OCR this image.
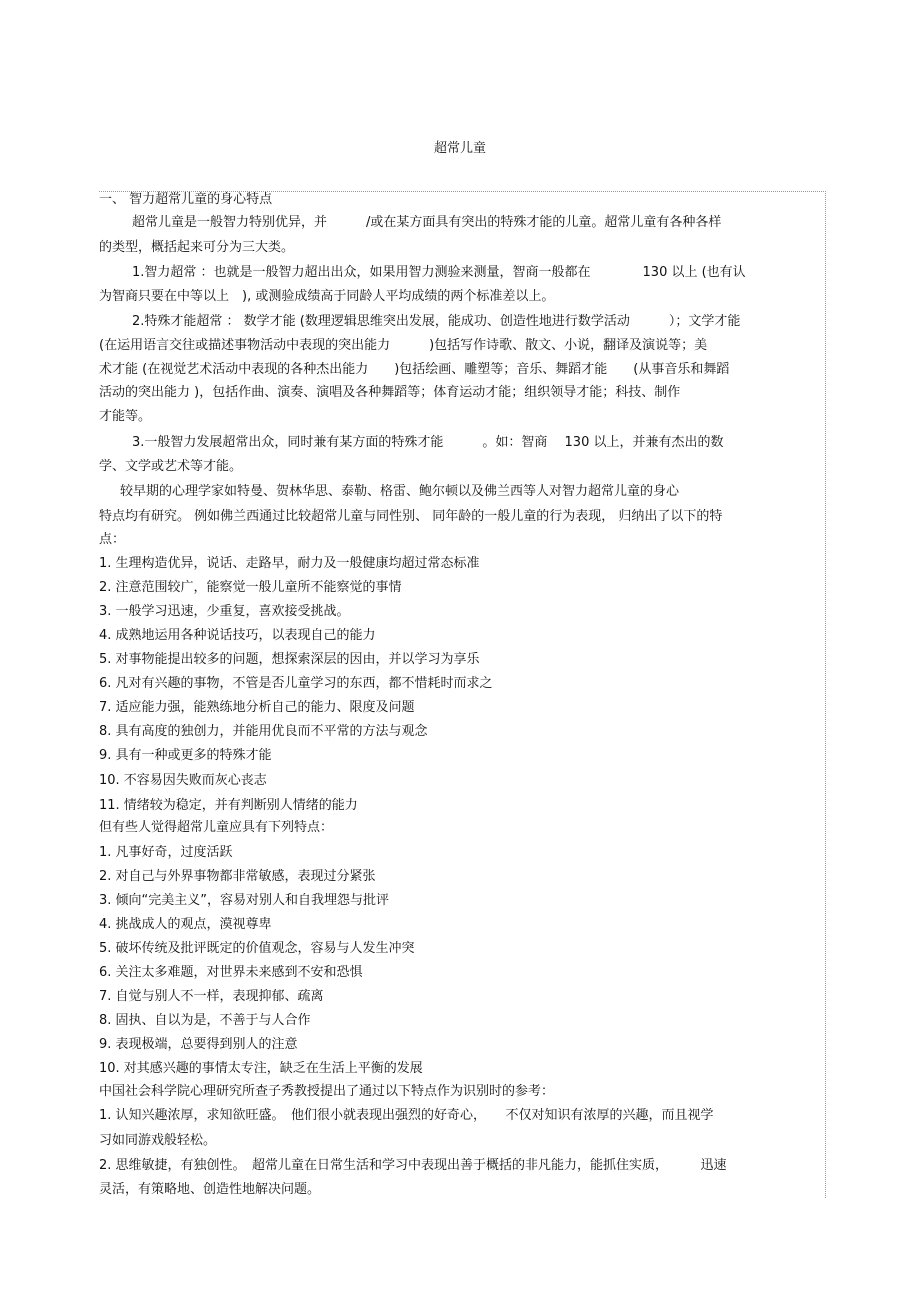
超常儿童
一、 智力超常儿童的身心特点
超常儿童是一般智力特别优异，并　　　/或在某方面具有突出的特殊才能的儿童。超常儿童有各种各样
的类型，概括起来可分为三大类。
1.智力超常 ：也就是一般智力超出出众，如果用智力测验来测量，智商一般都在　　　　130 以上 (也有认
为智商只要在中等以上　), 或测验成绩高于同龄人平均成绩的两个标准差以上。
2.特殊才能超常 ： 数学才能 (数理逻辑思维突出发展，能成功、创造性地进行数学活动　　　）；文学才能
(在运用语言交往或描述事物活动中表现的突出能力　　　)包括写作诗歌、散文、小说，翻译及演说等；美
术才能 (在视觉艺术活动中表现的各种杰出能力　　)包括绘画、雕塑等；音乐、舞蹈才能　　(从事音乐和舞蹈
活动的突出能力 )，包括作曲、演奏、演唱及各种舞蹈等；体育运动才能；组织领导才能；科技、制作
才能等。
3.一般智力发展超常出众，同时兼有某方面的特殊才能　　　。如：智商　 130 以上，并兼有杰出的数
学、文学或艺术等才能。
较早期的心理学家如特曼、贺林华思、泰勒、格雷、鲍尔顿以及佛兰西等人对智力超常儿童的身心
特点均有研究。 例如佛兰西通过比较超常儿童与同性别、 同年龄的一般儿童的行为表现， 归纳出了以下的特
点：
1. 生理构造优异，说话、走路早，耐力及一般健康均超过常态标准
2. 注意范围较广，能察觉一般儿童所不能察觉的事情
3. 一般学习迅速，少重复，喜欢接受挑战。
4. 成熟地运用各种说话技巧，以表现自己的能力
5. 对事物能提出较多的问题，想探索深层的因由，并以学习为享乐
6. 凡对有兴趣的事物，不管是否儿童学习的东西，都不惜耗时而求之
7. 适应能力强，能熟练地分析自己的能力、限度及问题
8. 具有高度的独创力，并能用优良而不平常的方法与观念
9. 具有一种或更多的特殊才能
10. 不容易因失败而灰心丧志
11. 情绪较为稳定，并有判断别人情绪的能力
但有些人觉得超常儿童应具有下列特点：
1. 凡事好奇，过度活跃
2. 对自己与外界事物都非常敏感，表现过分紧张
3. 倾向“完美主义”，容易对别人和自我埋怨与批评
4. 挑战成人的观点，漠视尊卑
5. 破坏传统及批评既定的价值观念，容易与人发生冲突
6. 关注太多难题，对世界未来感到不安和恐惧
7. 自觉与别人不一样，表现抑郁、疏离
8. 固执、自以为是，不善于与人合作
9. 表现极端，总要得到别人的注意
10. 对其感兴趣的事情太专注，缺乏在生活上平衡的发展
中国社会科学院心理研究所查子秀教授提出了通过以下特点作为识别时的参考：
1. 认知兴趣浓厚，求知欲旺盛。　他们很小就表现出强烈的好奇心，　　不仅对知识有浓厚的兴趣，而且视学
习如同游戏般轻松。
2. 思维敏捷，有独创性。　超常儿童在日常生活和学习中表现出善于概括的非凡能力，能抓住实质，　　　迅速
灵活，有策略地、创造性地解决问题。
